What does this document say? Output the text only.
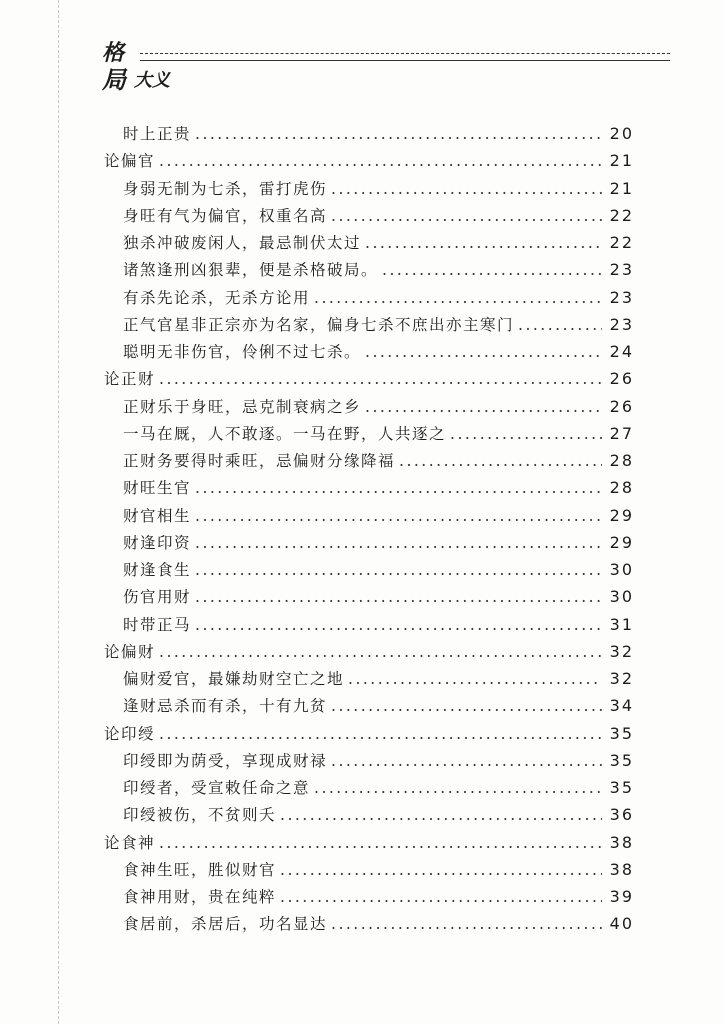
格
局 大义
时上正贵 .....	20
论偏官 .....	21
身弱无制为七杀，雷打虎伤 .....	21
身旺有气为偏官，权重名高 .....	22
独杀冲破废闲人，最忌制伏太过 .....	22
诸煞逢刑凶狠辈，便是杀格破局。 .....	23
有杀先论杀，无杀方论用 .....	23
正气官星非正宗亦为名家，偏身七杀不庶出亦主寒门 .....	23
聪明无非伤官，伶俐不过七杀。 .....	24
论正财 .....	26
正财乐于身旺，忌克制衰病之乡 .....	26
一马在厩，人不敢逐。一马在野，人共逐之 .....	27
正财务要得时乘旺，忌偏财分缘降福 .....	28
财旺生官 .....	28
财官相生 .....	29
财逢印资 .....	29
财逢食生 .....	30
伤官用财 .....	30
时带正马 .....	31
论偏财 .....	32
偏财爱官，最嫌劫财空亡之地 .....	32
逢财忌杀而有杀，十有九贫 .....	34
论印绶 .....	35
印绶即为荫受，享现成财禄 .....	35
印绶者，受宣敕任命之意 .....	35
印绶被伤，不贫则夭 .....	36
论食神 .....	38
食神生旺，胜似财官 .....	38
食神用财，贵在纯粹 .....	39
食居前，杀居后，功名显达 .....	40
